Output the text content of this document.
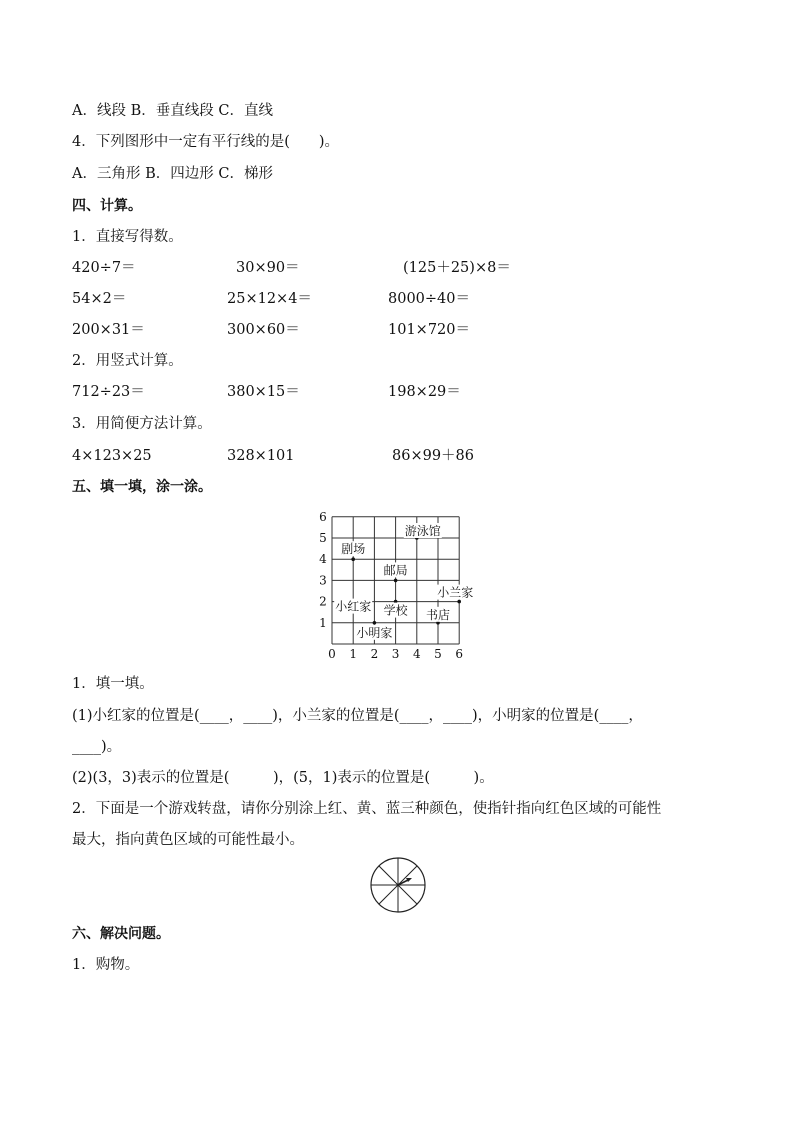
A．线段 B．垂直线段 C．直线
4．下列图形中一定有平行线的是(　　)。
A．三角形 B．四边形 C．梯形
四、计算。
1．直接写得数。
420÷7＝	30×90＝	(125＋25)×8＝
54×2＝	25×12×4＝	8000÷40＝
200×31＝	300×60＝	101×720＝
2．用竖式计算。
712÷23＝	380×15＝	198×29＝
3．用简便方法计算。
4×123×25	328×101	86×99＋86
五、填一填，涂一涂。
0 1 2 3 4 5 6
1
2
3
4
5
6
剧场
游泳馆
邮局
小兰家
小红家 学校 书店
小明家
1．填一填。
(1)小红家的位置是(____，____)，小兰家的位置是(____，____)，小明家的位置是(____，
____)。
(2)(3，3)表示的位置是(　　　)，(5，1)表示的位置是(　　　)。
2．下面是一个游戏转盘，请你分别涂上红、黄、蓝三种颜色，使指针指向红色区域的可能性
最大，指向黄色区域的可能性最小。
六、解决问题。
1．购物。
